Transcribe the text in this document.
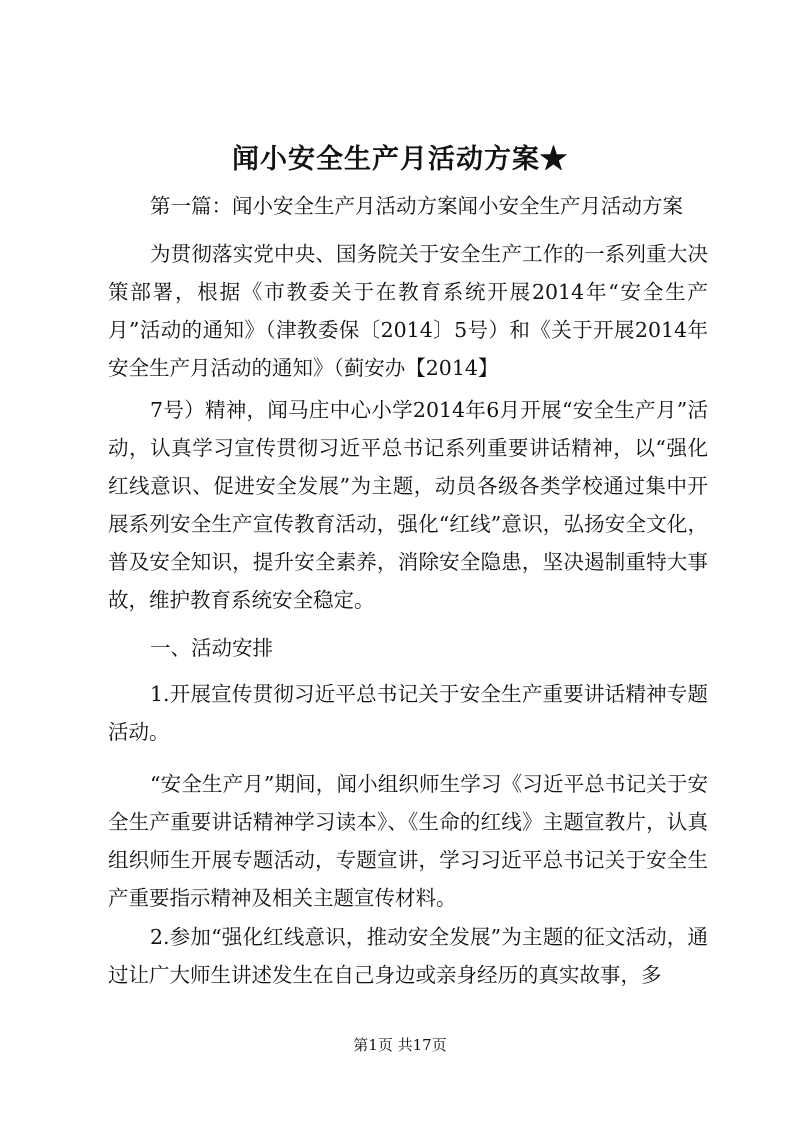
闻小安全生产月活动方案★

第一篇：闻小安全生产月活动方案闻小安全生产月活动方案

为贯彻落实党中央、国务院关于安全生产工作的一系列重大决策部署，根据《市教委关于在教育系统开展2014年“安全生产月”活动的通知》（津教委保〔2014〕5号）和《关于开展2014年安全生产月活动的通知》（蓟安办【2014】

7号）精神，闻马庄中心小学2014年6月开展“安全生产月”活动，认真学习宣传贯彻习近平总书记系列重要讲话精神，以“强化红线意识、促进安全发展”为主题，动员各级各类学校通过集中开展系列安全生产宣传教育活动，强化“红线”意识，弘扬安全文化，普及安全知识，提升安全素养，消除安全隐患，坚决遏制重特大事故，维护教育系统安全稳定。

一、活动安排

1.开展宣传贯彻习近平总书记关于安全生产重要讲话精神专题活动。

“安全生产月”期间，闻小组织师生学习《习近平总书记关于安全生产重要讲话精神学习读本》、《生命的红线》主题宣教片，认真组织师生开展专题活动，专题宣讲，学习习近平总书记关于安全生产重要指示精神及相关主题宣传材料。

2.参加“强化红线意识，推动安全发展”为主题的征文活动，通过让广大师生讲述发生在自己身边或亲身经历的真实故事，多

第1页 共17页
